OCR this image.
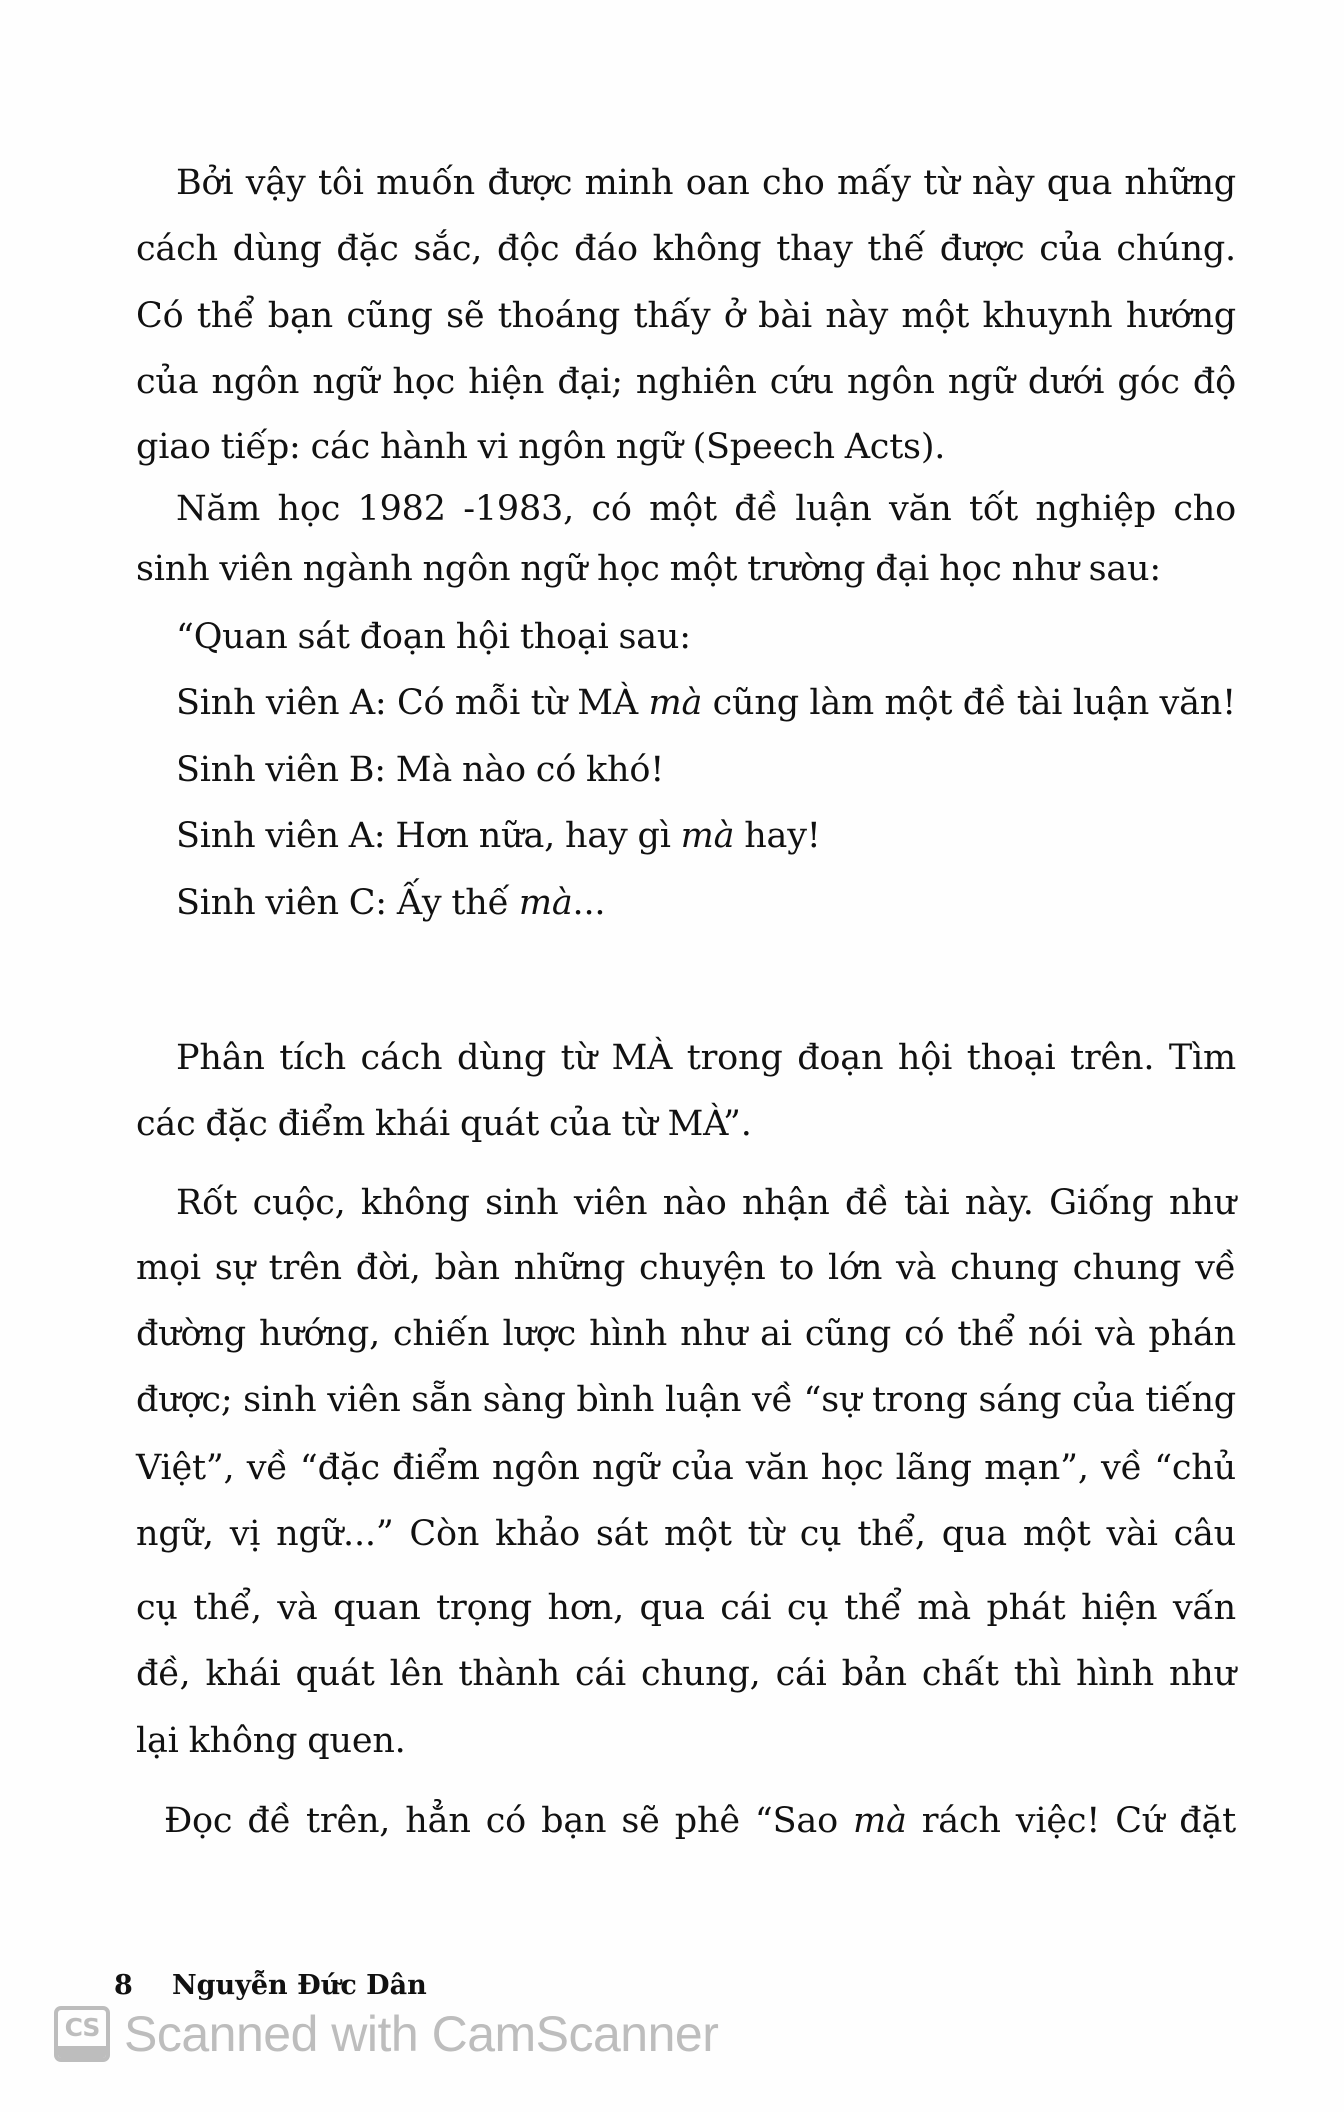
Bởi vậy tôi muốn được minh oan cho mấy từ này qua những
cách dùng đặc sắc, độc đáo không thay thế được của chúng.
Có thể bạn cũng sẽ thoáng thấy ở bài này một khuynh hướng
của ngôn ngữ học hiện đại; nghiên cứu ngôn ngữ dưới góc độ
giao tiếp: các hành vi ngôn ngữ (Speech Acts).
Năm học 1982 -1983, có một đề luận văn tốt nghiệp cho
sinh viên ngành ngôn ngữ học một trường đại học như sau:
“Quan sát đoạn hội thoại sau:
Sinh viên A: Có mỗi từ MÀ mà cũng làm một đề tài luận văn!
Sinh viên B: Mà nào có khó!
Sinh viên A: Hơn nữa, hay gì mà hay!
Sinh viên C: Ấy thế mà...
Phân tích cách dùng từ MÀ trong đoạn hội thoại trên. Tìm
các đặc điểm khái quát của từ MÀ”.
Rốt cuộc, không sinh viên nào nhận đề tài này. Giống như
mọi sự trên đời, bàn những chuyện to lớn và chung chung về
đường hướng, chiến lược hình như ai cũng có thể nói và phán
được; sinh viên sẵn sàng bình luận về “sự trong sáng của tiếng
Việt”, về “đặc điểm ngôn ngữ của văn học lãng mạn”, về “chủ
ngữ, vị ngữ...” Còn khảo sát một từ cụ thể, qua một vài câu
cụ thể, và quan trọng hơn, qua cái cụ thể mà phát hiện vấn
đề, khái quát lên thành cái chung, cái bản chất thì hình như
lại không quen.
Đọc đề trên, hẳn có bạn sẽ phê “Sao mà rách việc! Cứ đặt
8 Nguyễn Đức Dân
CS Scanned with CamScanner
